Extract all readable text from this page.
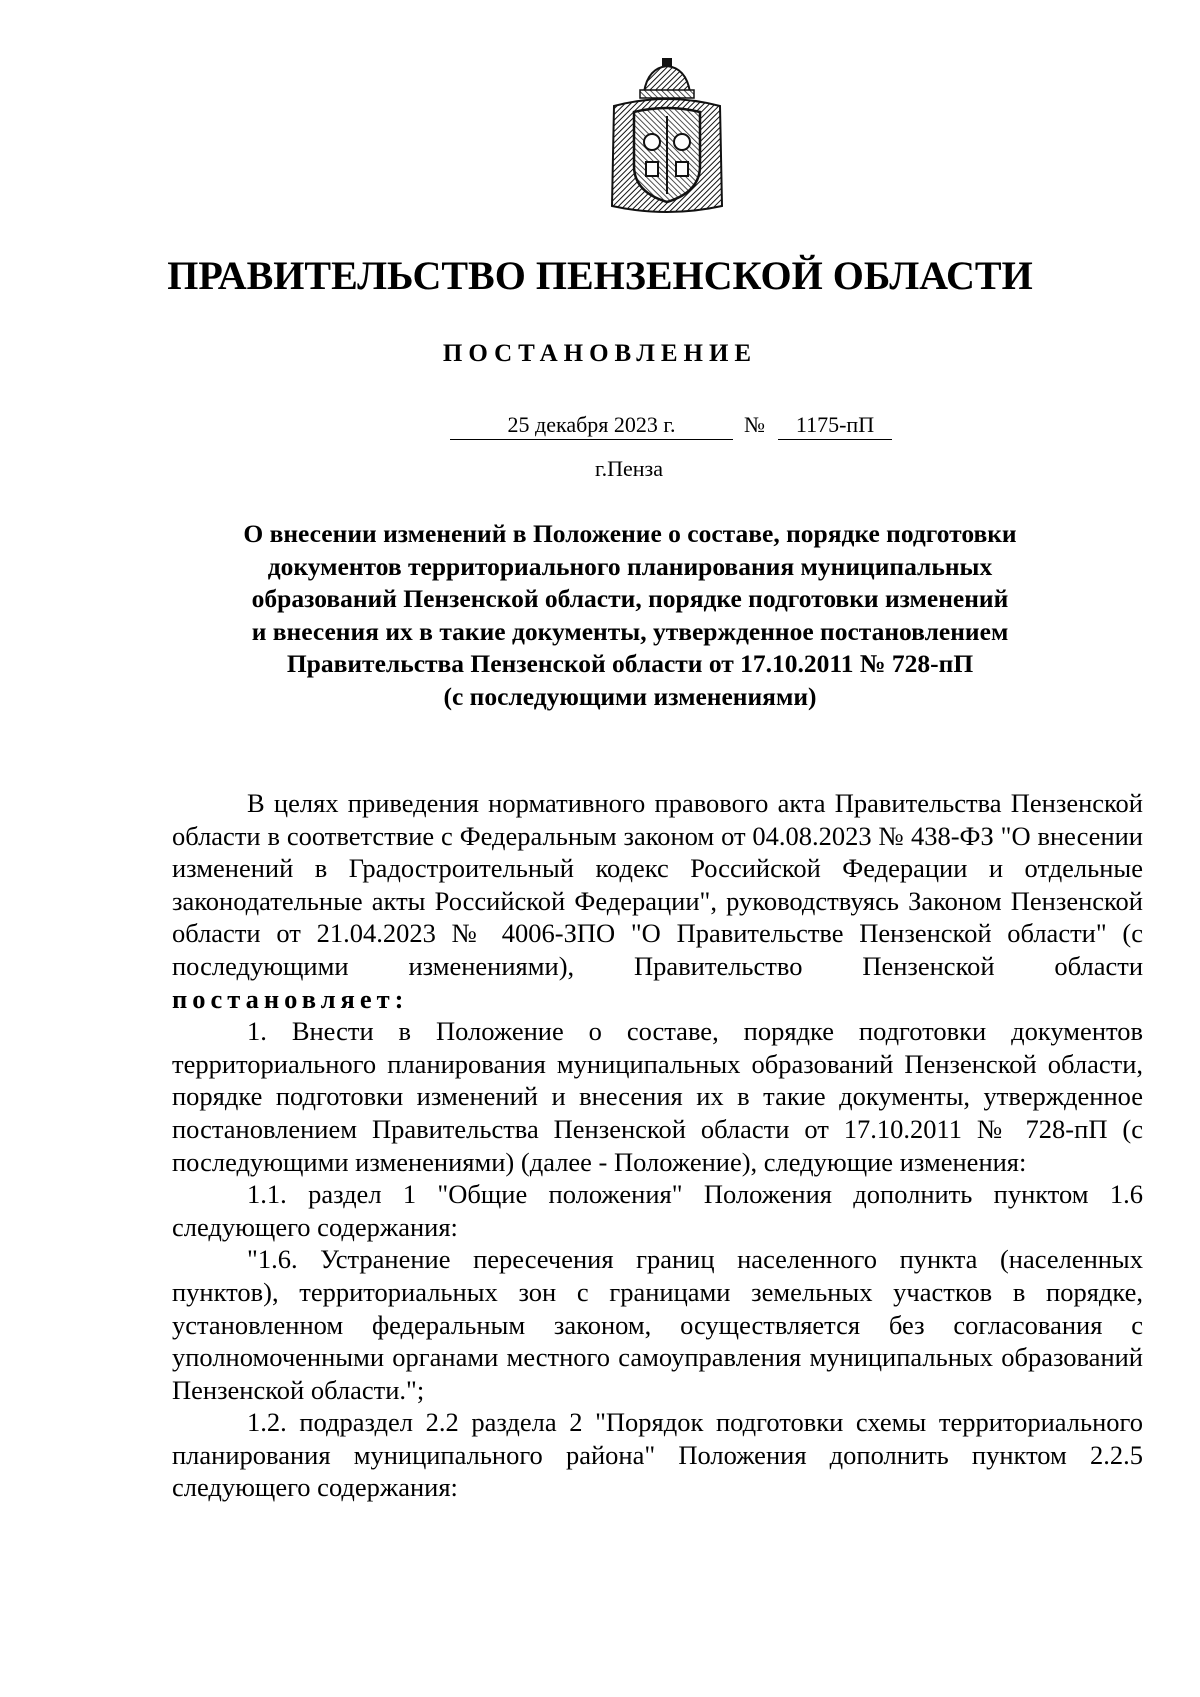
ПРАВИТЕЛЬСТВО ПЕНЗЕНСКОЙ ОБЛАСТИ
ПОСТАНОВЛЕНИЕ
25 декабря 2023 г.	№	1175-пП
г.Пенза
О внесении изменений в Положение о составе, порядке подготовки
документов территориального планирования муниципальных
образований Пензенской области, порядке подготовки изменений
и внесения их в такие документы, утвержденное постановлением
Правительства Пензенской области от 17.10.2011 № 728-пП
(с последующими изменениями)

В целях приведения нормативного правового акта Правительства Пензенской области в соответствие с Федеральным законом от 04.08.2023 № 438-ФЗ "О внесении изменений в Градостроительный кодекс Российской Федерации и отдельные законодательные акты Российской Федерации", руководствуясь Законом Пензенской области от 21.04.2023 № 4006-ЗПО "О Правительстве Пензенской области" (с последующими изменениями), Правительство Пензенской области постановляет:

1. Внести в Положение о составе, порядке подготовки документов территориального планирования муниципальных образований Пензенской области, порядке подготовки изменений и внесения их в такие документы, утвержденное постановлением Правительства Пензенской области от 17.10.2011 № 728-пП (с последующими изменениями) (далее - Положение), следующие изменения:

1.1. раздел 1 "Общие положения" Положения дополнить пунктом 1.6 следующего содержания:

"1.6. Устранение пересечения границ населенного пункта (населенных пунктов), территориальных зон с границами земельных участков в порядке, установленном федеральным законом, осуществляется без согласования с уполномоченными органами местного самоуправления муниципальных образований Пензенской области.";

1.2. подраздел 2.2 раздела 2 "Порядок подготовки схемы территориального планирования муниципального района" Положения дополнить пунктом 2.2.5 следующего содержания:
